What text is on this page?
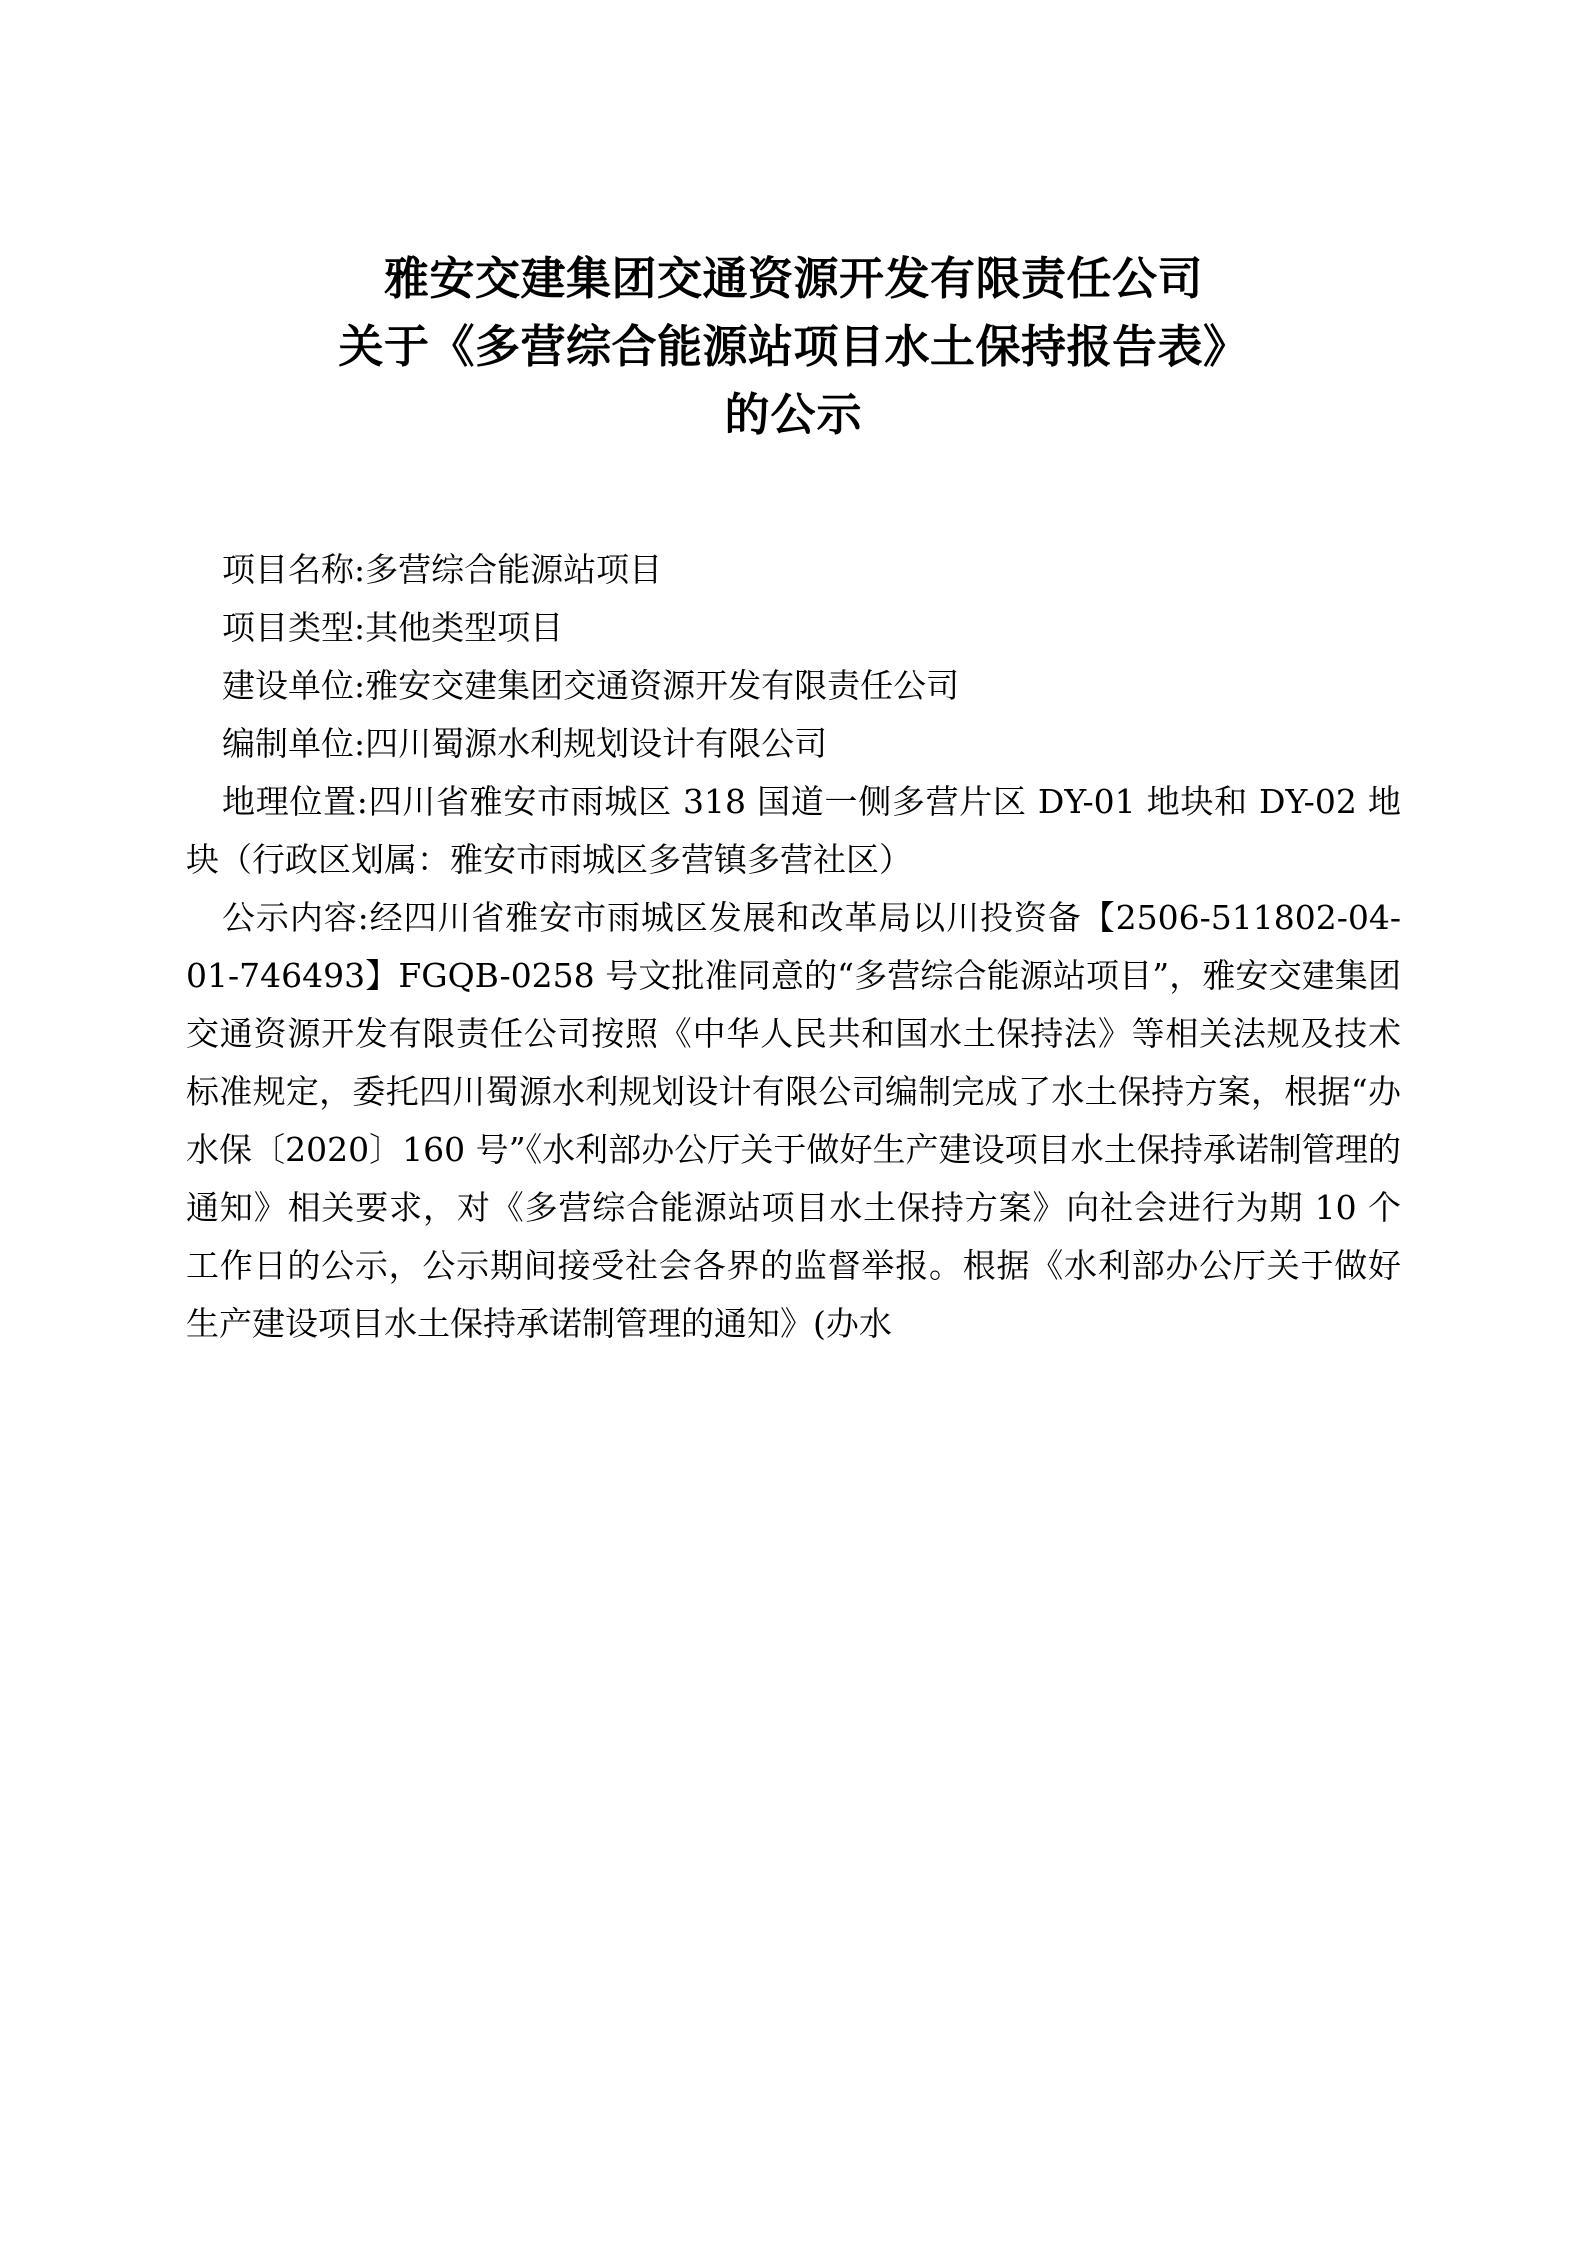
雅安交建集团交通资源开发有限责任公司
关于《多营综合能源站项目水土保持报告表》
的公示
项目名称:多营综合能源站项目
项目类型:其他类型项目
建设单位:雅安交建集团交通资源开发有限责任公司
编制单位:四川蜀源水利规划设计有限公司
地理位置:四川省雅安市雨城区 318 国道一侧多营片区 DY-01 地块和 DY-02 地块（行政区划属：雅安市雨城区多营镇多营社区）
公示内容:经四川省雅安市雨城区发展和改革局以川投资备【2506-511802-04-01-746493】FGQB-0258 号文批准同意的“多营综合能源站项目”，雅安交建集团交通资源开发有限责任公司按照《中华人民共和国水土保持法》等相关法规及技术标准规定，委托四川蜀源水利规划设计有限公司编制完成了水土保持方案，根据“办水保〔2020〕160 号”《水利部办公厅关于做好生产建设项目水土保持承诺制管理的通知》相关要求，对《多营综合能源站项目水土保持方案》向社会进行为期 10 个工作日的公示，公示期间接受社会各界的监督举报。根据《水利部办公厅关于做好生产建设项目水土保持承诺制管理的通知》(办水
